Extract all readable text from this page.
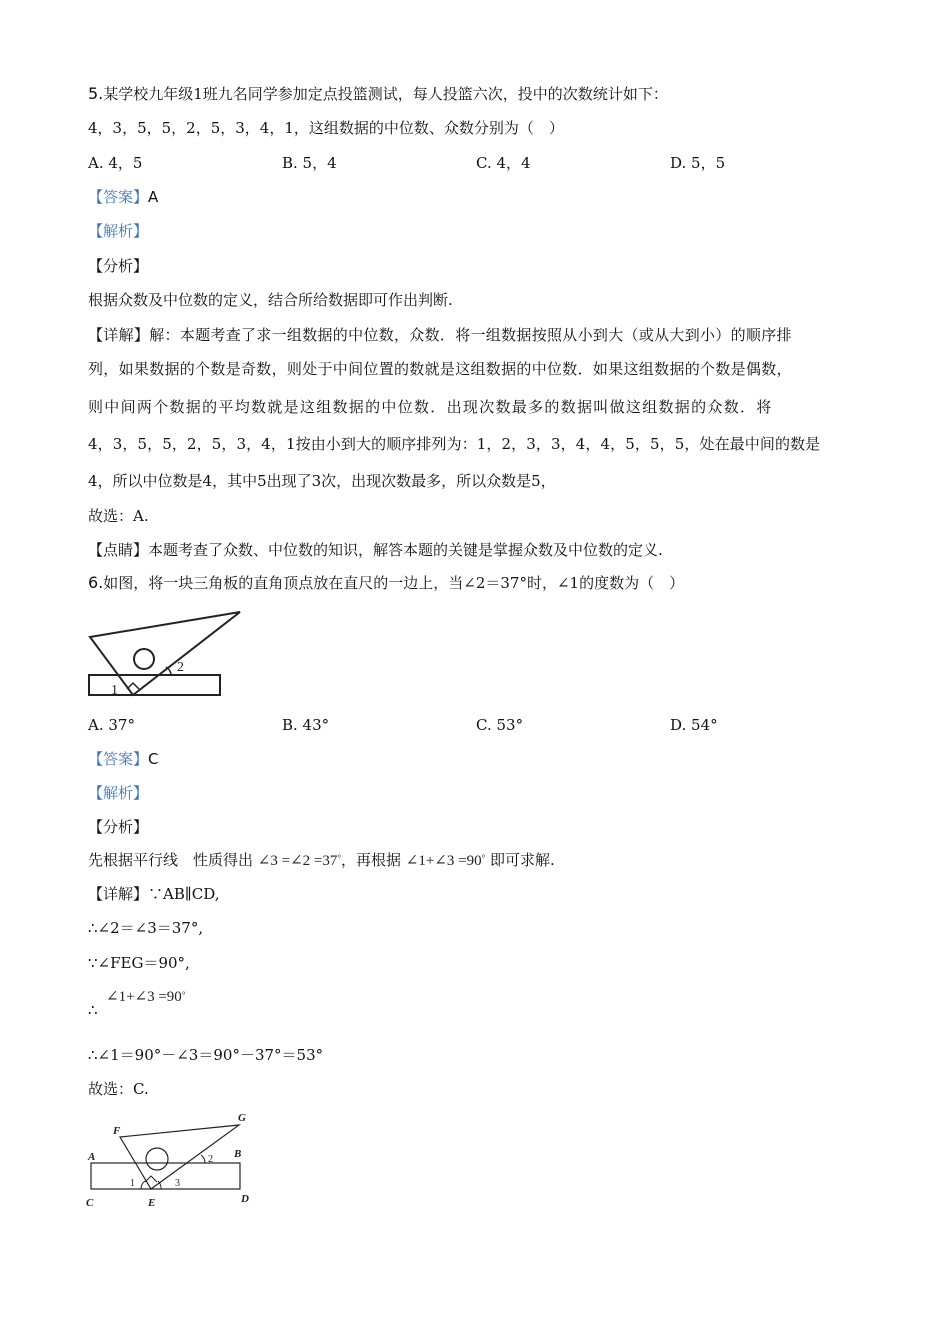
5.某学校九年级1班九名同学参加定点投篮测试，每人投篮六次，投中的次数统计如下：
4，3，5，5，2，5，3，4，1，这组数据的中位数、众数分别为（　）
A. 4，5	B. 5，4	C. 4，4	D. 5，5
【答案】A
【解析】
【分析】
根据众数及中位数的定义，结合所给数据即可作出判断.
【详解】解：本题考查了求一组数据的中位数，众数．将一组数据按照从小到大（或从大到小）的顺序排
列，如果数据的个数是奇数，则处于中间位置的数就是这组数据的中位数．如果这组数据的个数是偶数，
则中间两个数据的平均数就是这组数据的中位数．出现次数最多的数据叫做这组数据的众数．将
4，3，5，5，2，5，3，4，1按由小到大的顺序排列为：1，2，3，3，4，4，5，5，5，处在最中间的数是
4，所以中位数是4，其中5出现了3次，出现次数最多，所以众数是5，
故选：A.
【点睛】本题考查了众数、中位数的知识，解答本题的关键是掌握众数及中位数的定义.
6.如图，将一块三角板的直角顶点放在直尺的一边上，当∠2＝37°时，∠1的度数为（　）
1
2
A. 37°	B. 43°	C. 53°	D. 54°
【答案】C
【解析】
【分析】
先根据平行线　性质得出 ∠3 =∠2 =37°，再根据 ∠1+∠3 =90° 即可求解.
【详解】∵AB∥CD,
∴∠2＝∠3＝37°,
∵∠FEG＝90°,
∴
∠1+∠3 =90°
∴∠1＝90°－∠3＝90°－37°＝53°
故选：C.
F
G
A	B
C	D
E
1
2
3
